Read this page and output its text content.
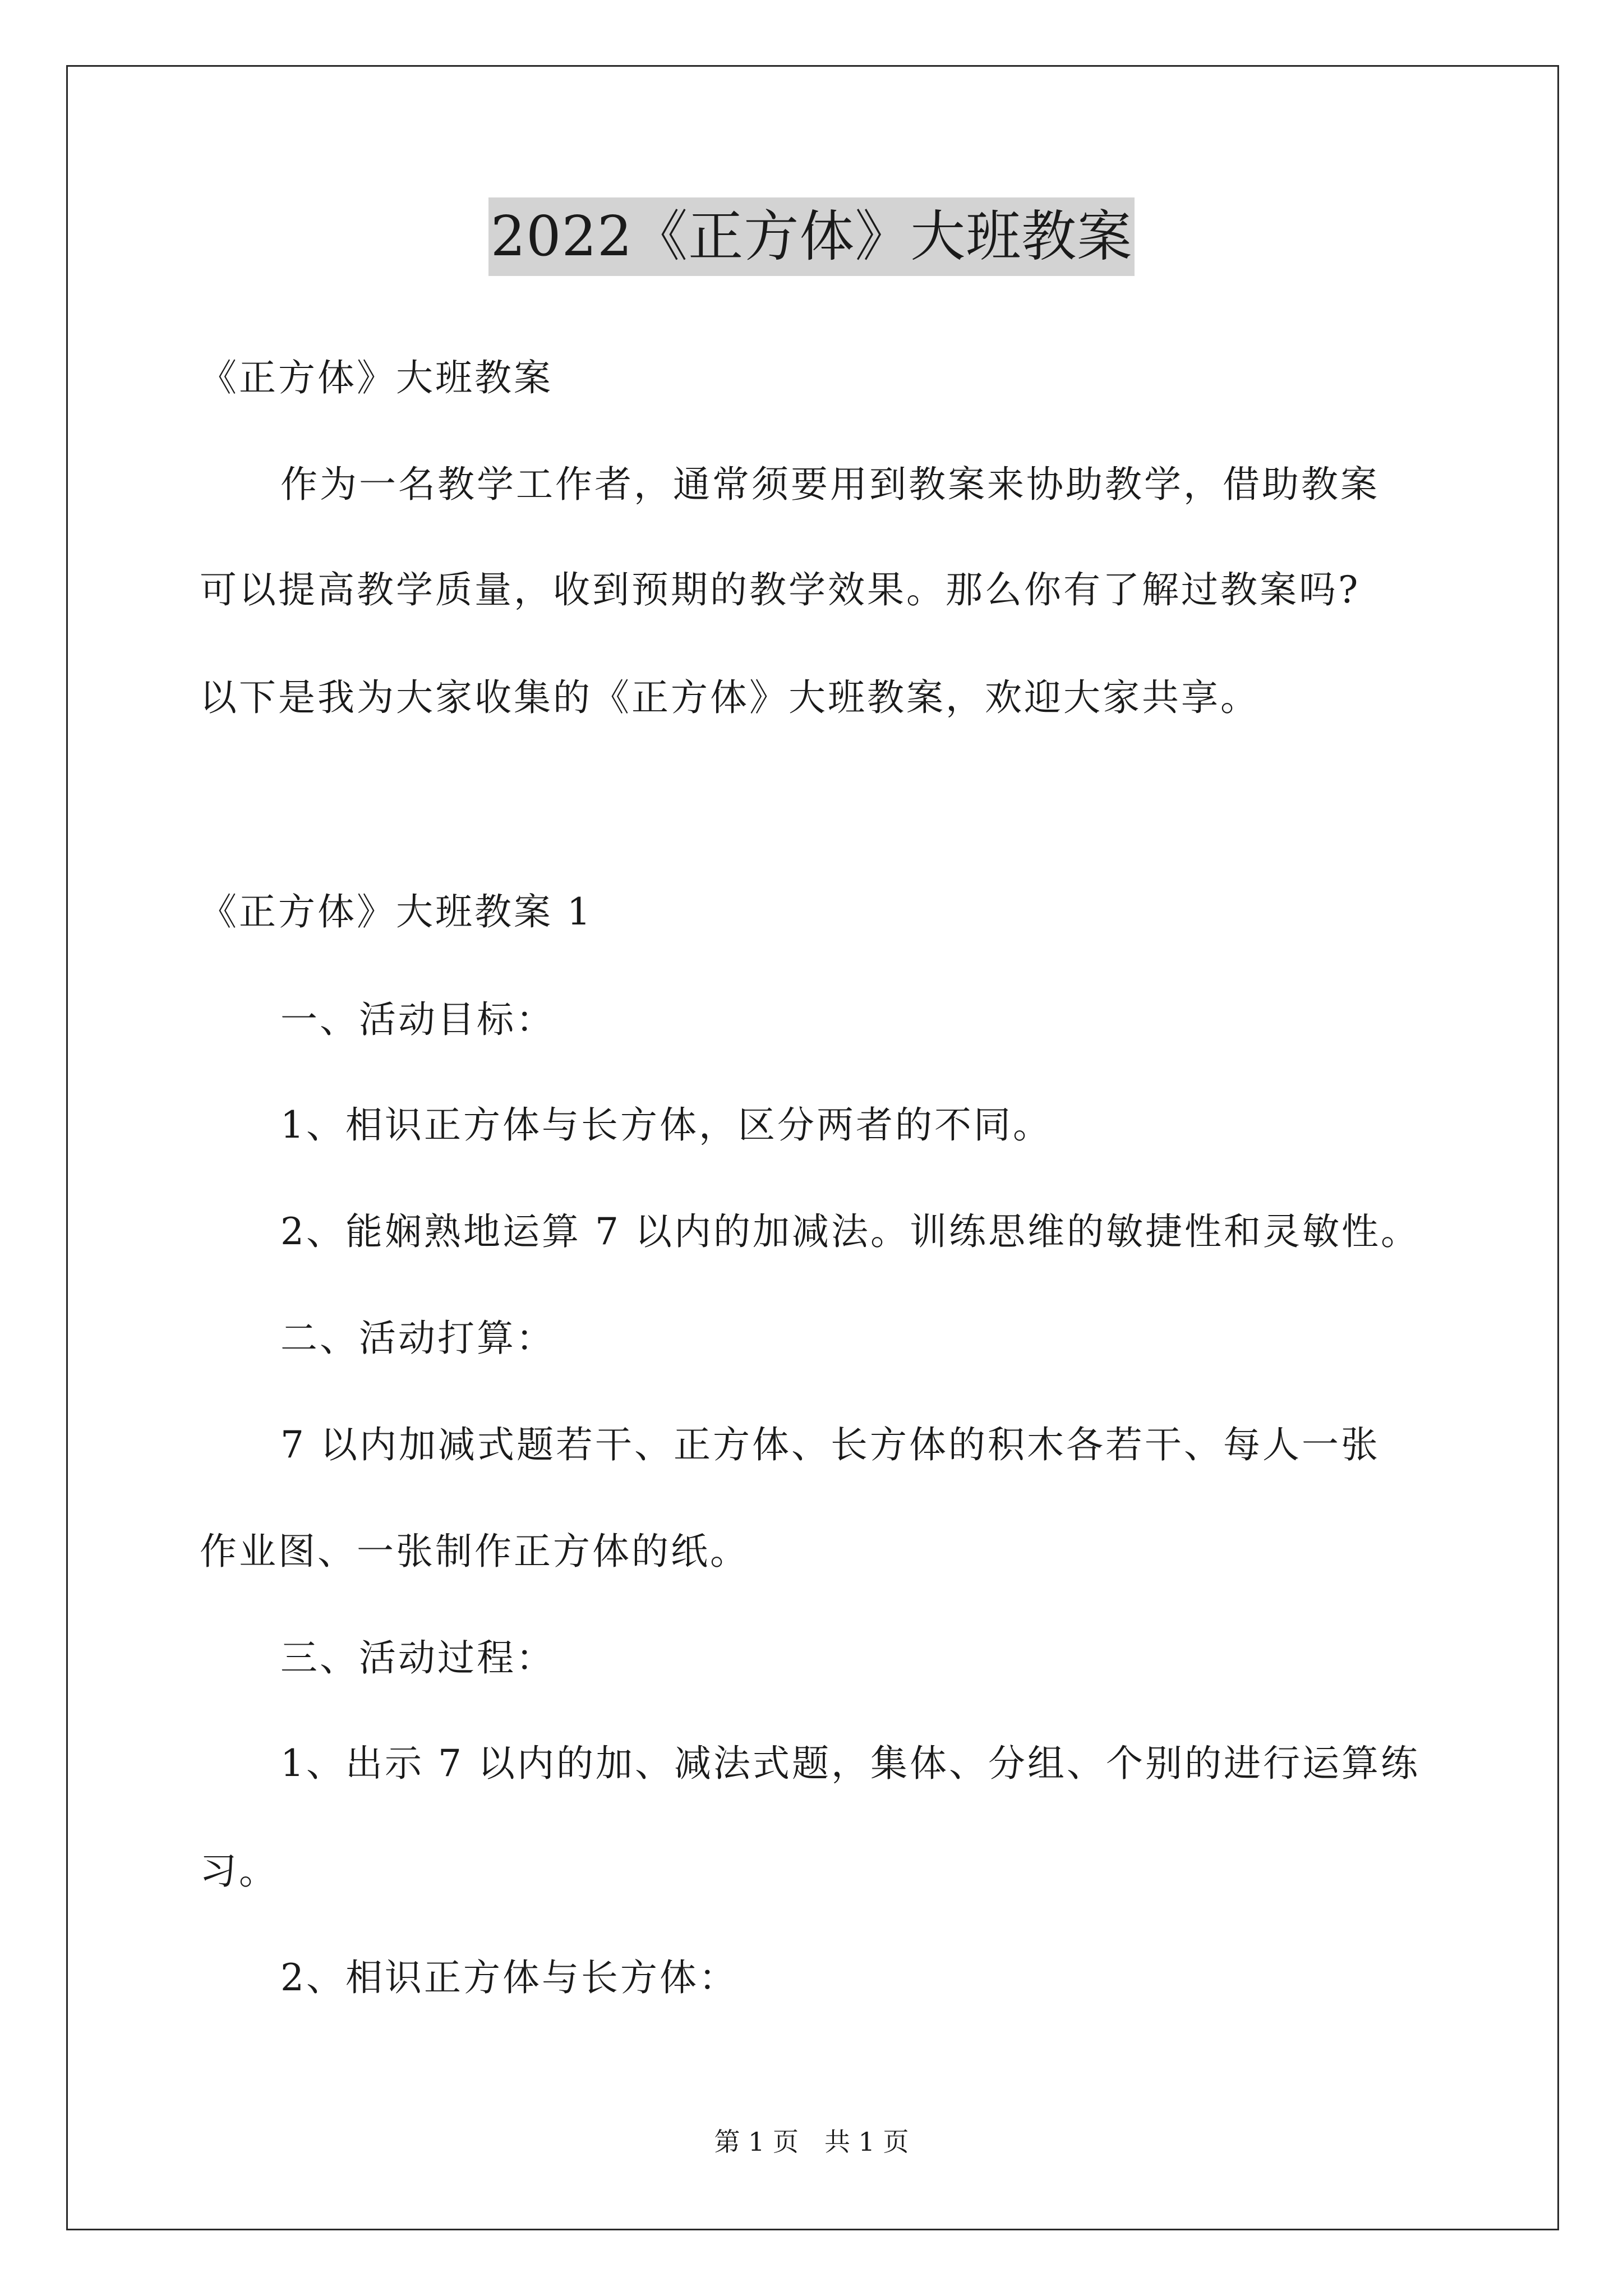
2022《正方体》大班教案
《正方体》大班教案
作为一名教学工作者，通常须要用到教案来协助教学，借助教案
可以提高教学质量，收到预期的教学效果。那么你有了解过教案吗?
以下是我为大家收集的《正方体》大班教案，欢迎大家共享。
《正方体》大班教案 1
一、活动目标：
1、相识正方体与长方体，区分两者的不同。
2、能娴熟地运算 7 以内的加减法。训练思维的敏捷性和灵敏性。
二、活动打算：
7 以内加减式题若干、正方体、长方体的积木各若干、每人一张
作业图、一张制作正方体的纸。
三、活动过程：
1、出示 7 以内的加、减法式题，集体、分组、个别的进行运算练
习。
2、相识正方体与长方体：
第 1 页　共 1 页
